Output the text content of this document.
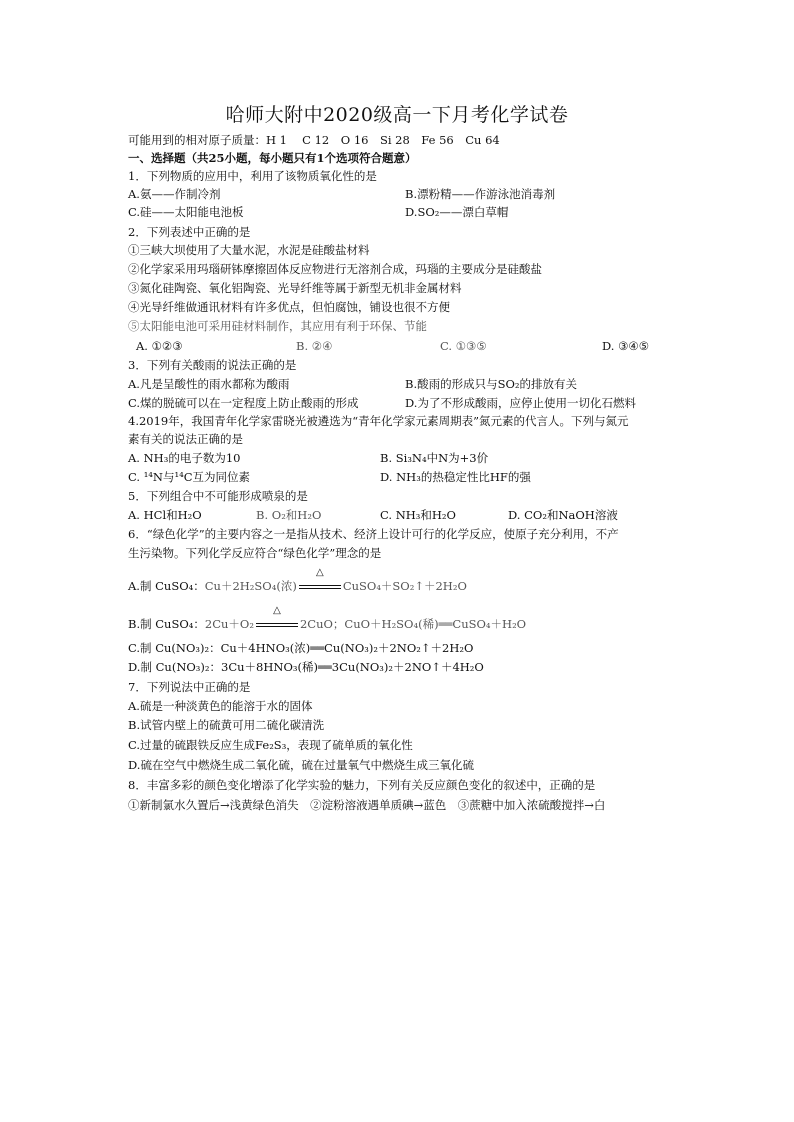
哈师大附中2020级高一下月考化学试卷
可能用到的相对原子质量：H 1　 C 12　O 16　Si 28　Fe 56　Cu 64
一、选择题（共25小题，每小题只有1个选项符合题意）
1．下列物质的应用中，利用了该物质氧化性的是
A.氨——作制冷剂	B.漂粉精——作游泳池消毒剂
C.硅——太阳能电池板	D.SO₂——漂白草帽
2．下列表述中正确的是
①三峡大坝使用了大量水泥，水泥是硅酸盐材料
②化学家采用玛瑙研钵摩擦固体反应物进行无溶剂合成，玛瑙的主要成分是硅酸盐
③氮化硅陶瓷、氧化铝陶瓷、光导纤维等属于新型无机非金属材料
④光导纤维做通讯材料有许多优点，但怕腐蚀，铺设也很不方便
⑤太阳能电池可采用硅材料制作，其应用有利于环保、节能
A. ①②③	B. ②④	C. ①③⑤	D. ③④⑤
3．下列有关酸雨的说法正确的是
A.凡是呈酸性的雨水都称为酸雨	B.酸雨的形成只与SO₂的排放有关
C.煤的脱硫可以在一定程度上防止酸雨的形成	D.为了不形成酸雨，应停止使用一切化石燃料
4.2019年，我国青年化学家雷晓光被遴选为“青年化学家元素周期表”氮元素的代言人。下列与氮元
素有关的说法正确的是
A. NH₃的电子数为10	B. Si₃N₄中N为+3价
C. ¹⁴N与¹⁴C互为同位素	D. NH₃的热稳定性比HF的强
5．下列组合中不可能形成喷泉的是
A. HCl和H₂O	B. O₂和H₂O	C. NH₃和H₂O	D. CO₂和NaOH溶液
6．“绿色化学”的主要内容之一是指从技术、经济上设计可行的化学反应，使原子充分利用，不产
生污染物。下列化学反应符合“绿色化学”理念的是
A.制 CuSO₄：Cu＋2H₂SO₄(浓)
△
CuSO₄＋SO₂↑＋2H₂O
B.制 CuSO₄：2Cu＋O₂
△
2CuO；CuO＋H₂SO₄(稀)══CuSO₄＋H₂O
C.制 Cu(NO₃)₂：Cu＋4HNO₃(浓)══Cu(NO₃)₂＋2NO₂↑＋2H₂O
D.制 Cu(NO₃)₂：3Cu＋8HNO₃(稀)══3Cu(NO₃)₂＋2NO↑＋4H₂O
7．下列说法中正确的是
A.硫是一种淡黄色的能溶于水的固体
B.试管内壁上的硫黄可用二硫化碳清洗
C.过量的硫跟铁反应生成Fe₂S₃，表现了硫单质的氧化性
D.硫在空气中燃烧生成二氧化硫，硫在过量氧气中燃烧生成三氧化硫
8．丰富多彩的颜色变化增添了化学实验的魅力，下列有关反应颜色变化的叙述中，正确的是
①新制氯水久置后→浅黄绿色消失　②淀粉溶液遇单质碘→蓝色　③蔗糖中加入浓硫酸搅拌→白
